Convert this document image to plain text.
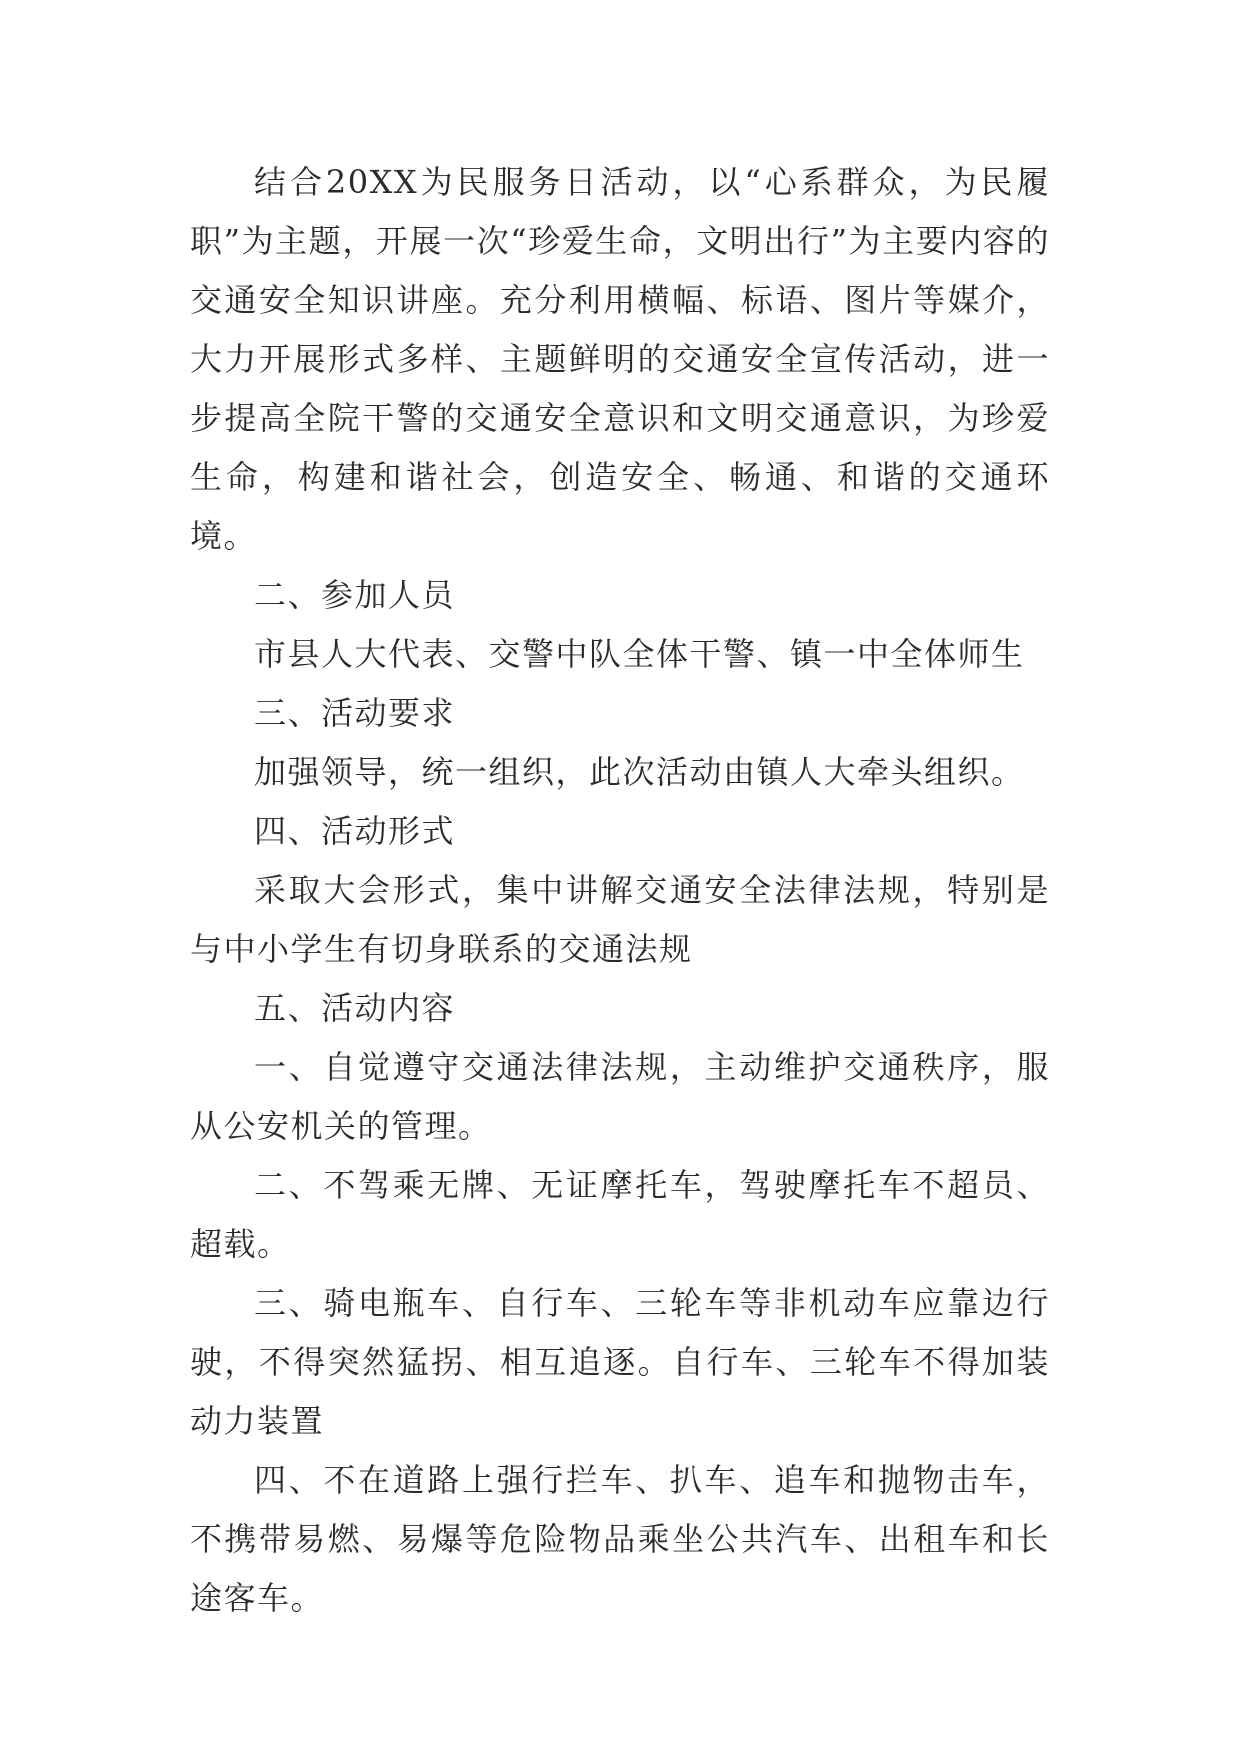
结合20XX为民服务日活动，以“心系群众，为民履职”为主题，开展一次“珍爱生命，文明出行”为主要内容的交通安全知识讲座。充分利用横幅、标语、图片等媒介，大力开展形式多样、主题鲜明的交通安全宣传活动，进一步提高全院干警的交通安全意识和文明交通意识，为珍爱生命，构建和谐社会，创造安全、畅通、和谐的交通环境。

二、参加人员

市县人大代表、交警中队全体干警、镇一中全体师生

三、活动要求

加强领导，统一组织，此次活动由镇人大牵头组织。

四、活动形式

采取大会形式，集中讲解交通安全法律法规，特别是与中小学生有切身联系的交通法规

五、活动内容

一、自觉遵守交通法律法规，主动维护交通秩序，服从公安机关的管理。

二、不驾乘无牌、无证摩托车，驾驶摩托车不超员、超载。

三、骑电瓶车、自行车、三轮车等非机动车应靠边行驶，不得突然猛拐、相互追逐。自行车、三轮车不得加装动力装置

四、不在道路上强行拦车、扒车、追车和抛物击车，不携带易燃、易爆等危险物品乘坐公共汽车、出租车和长途客车。
